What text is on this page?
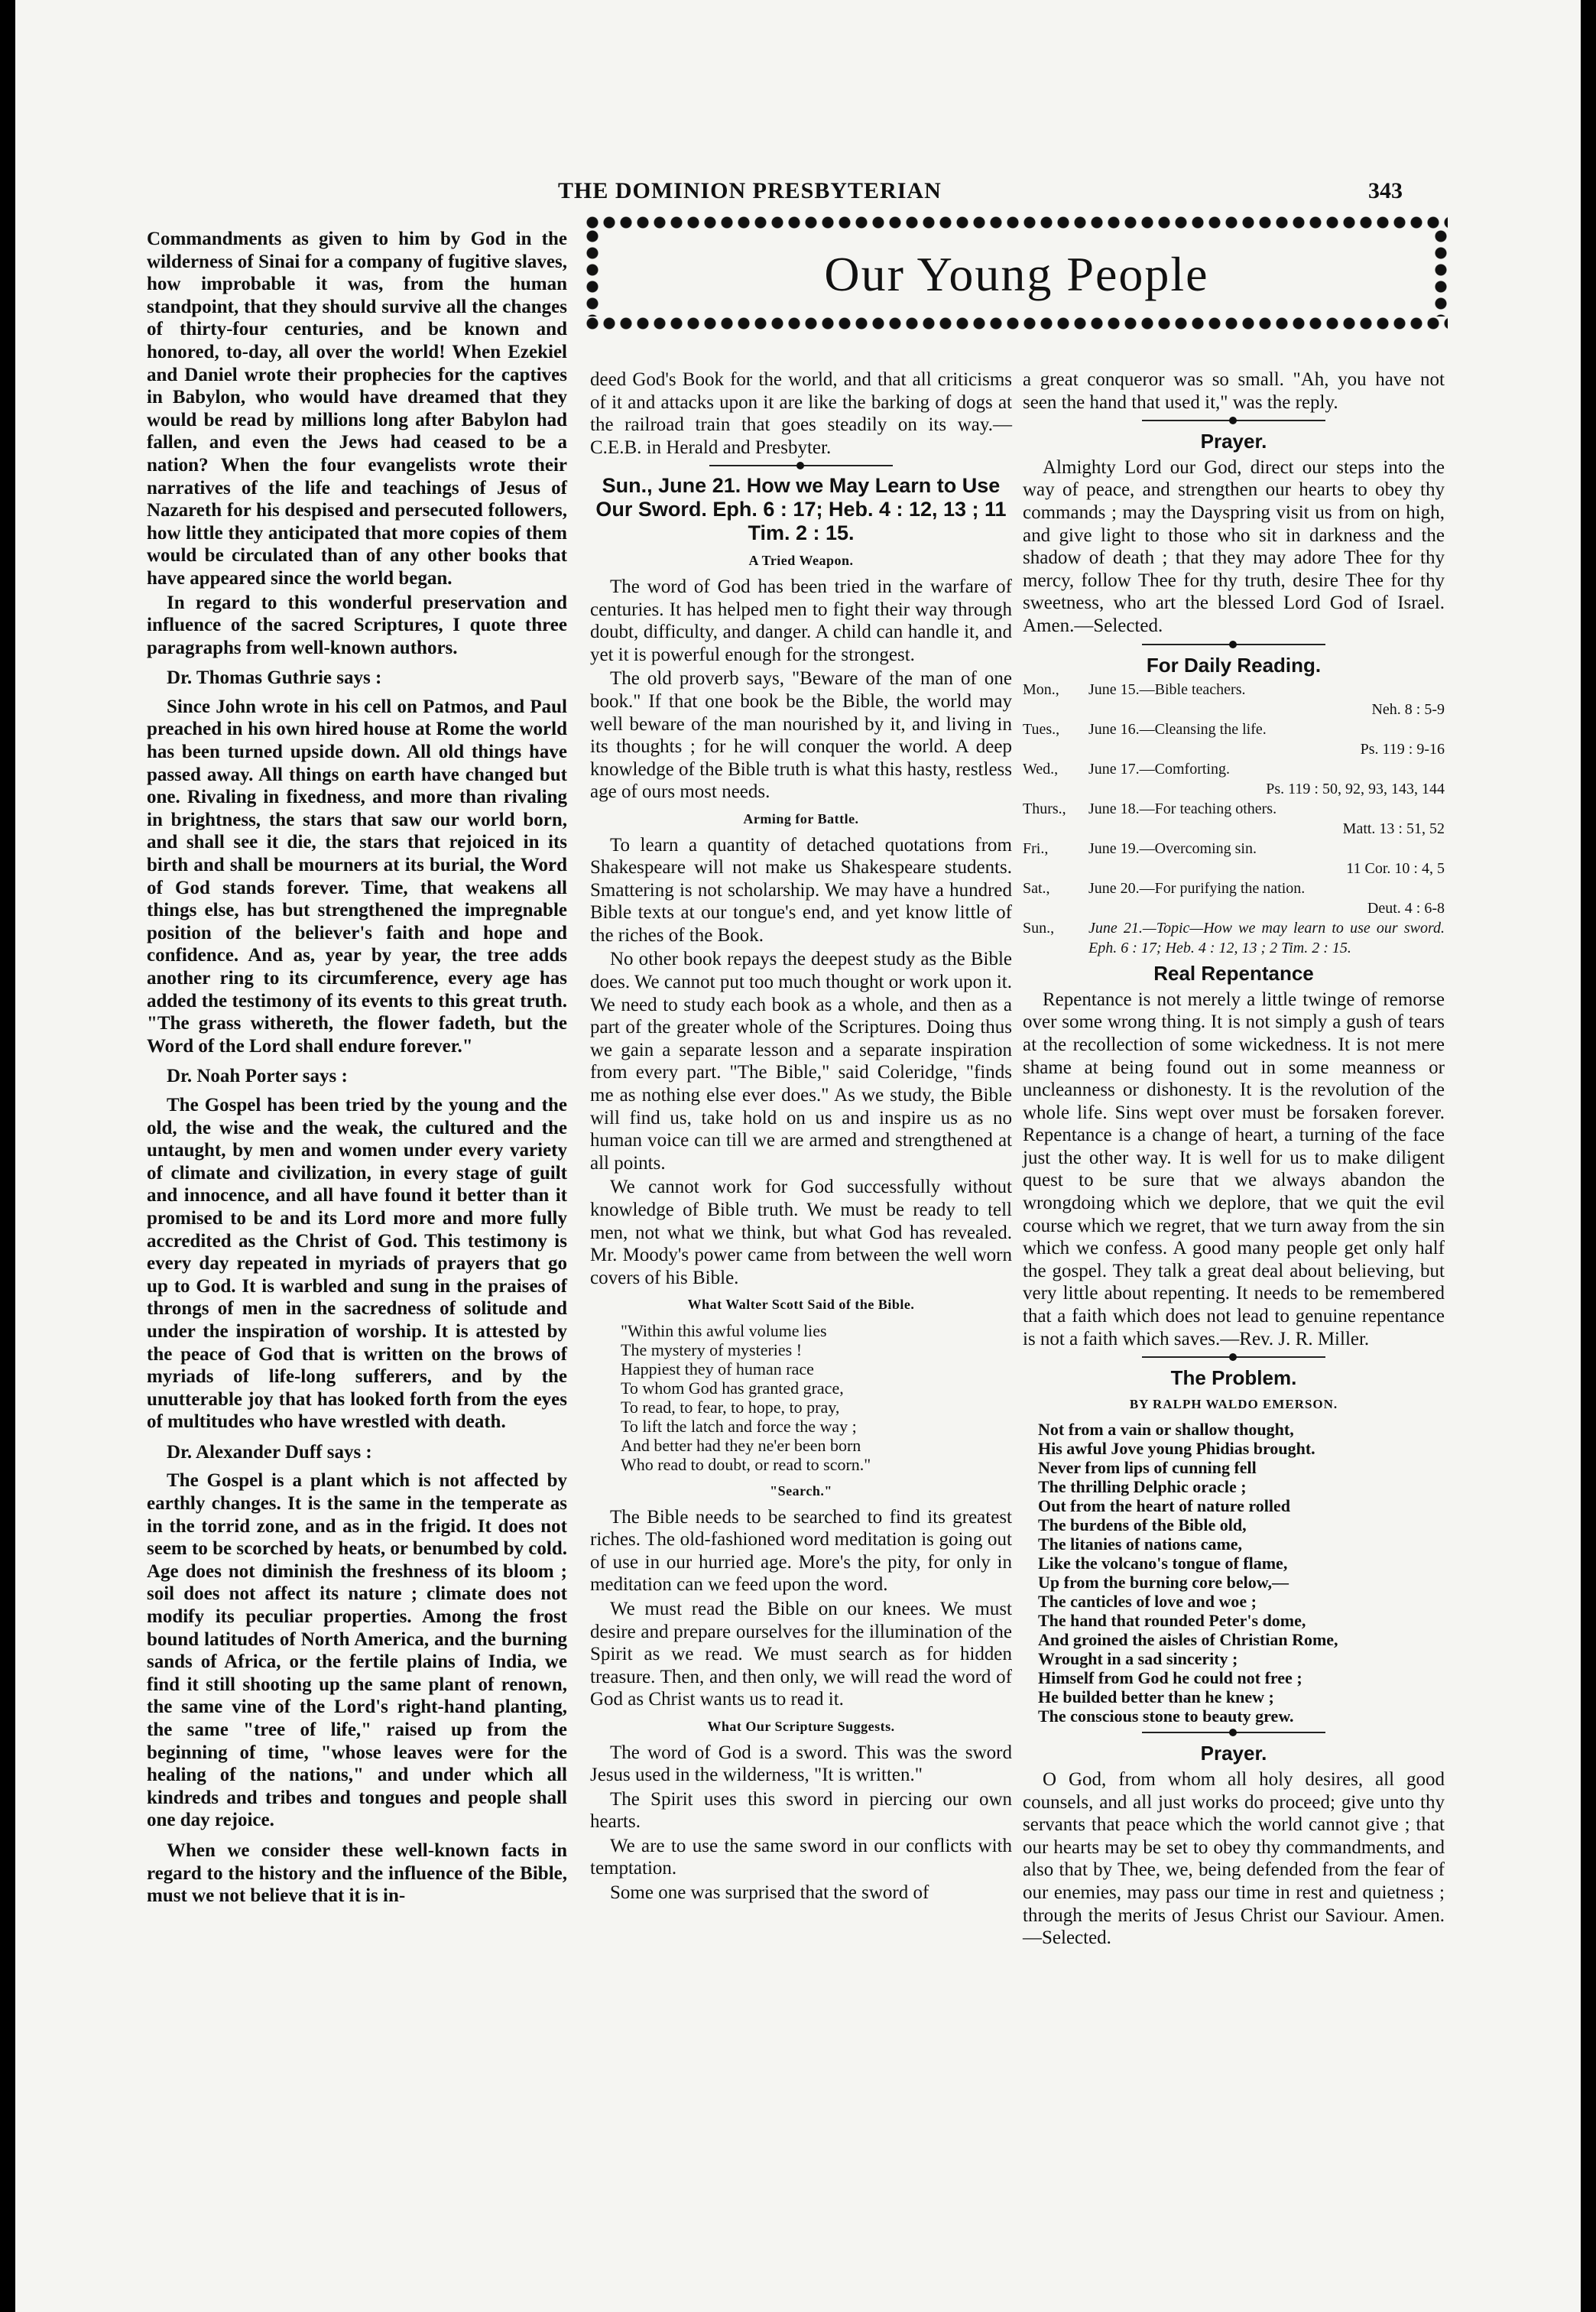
THE DOMINION PRESBYTERIAN	343
Our Young People

Commandments as given to him by God in the wilderness of Sinai for a company of fugitive slaves, how improbable it was, from the human standpoint, that they should survive all the changes of thirty-four centuries, and be known and honored, to-day, all over the world! When Ezekiel and Daniel wrote their prophecies for the captives in Babylon, who would have dreamed that they would be read by millions long after Babylon had fallen, and even the Jews had ceased to be a nation? When the four evangelists wrote their narratives of the life and teachings of Jesus of Nazareth for his despised and persecuted followers, how little they anticipated that more copies of them would be circulated than of any other books that have appeared since the world began.

In regard to this wonderful preservation and influence of the sacred Scriptures, I quote three paragraphs from well-known authors.

Dr. Thomas Guthrie says :

Since John wrote in his cell on Patmos, and Paul preached in his own hired house at Rome the world has been turned upside down. All old things have passed away. All things on earth have changed but one. Rivaling in fixedness, and more than rivaling in brightness, the stars that saw our world born, and shall see it die, the stars that rejoiced in its birth and shall be mourners at its burial, the Word of God stands forever. Time, that weakens all things else, has but strengthened the impregnable position of the believer's faith and hope and confidence. And as, year by year, the tree adds another ring to its circumference, every age has added the testimony of its events to this great truth. "The grass withereth, the flower fadeth, but the Word of the Lord shall endure forever."

Dr. Noah Porter says :

The Gospel has been tried by the young and the old, the wise and the weak, the cultured and the untaught, by men and women under every variety of climate and civilization, in every stage of guilt and innocence, and all have found it better than it promised to be and its Lord more and more fully accredited as the Christ of God. This testimony is every day repeated in myriads of prayers that go up to God. It is warbled and sung in the praises of throngs of men in the sacredness of solitude and under the inspiration of worship. It is attested by the peace of God that is written on the brows of myriads of life-long sufferers, and by the unutterable joy that has looked forth from the eyes of multitudes who have wrestled with death.

Dr. Alexander Duff says :

The Gospel is a plant which is not affected by earthly changes. It is the same in the temperate as in the torrid zone, and as in the frigid. It does not seem to be scorched by heats, or benumbed by cold. Age does not diminish the freshness of its bloom ; soil does not affect its nature ; climate does not modify its peculiar properties. Among the frost bound latitudes of North America, and the burning sands of Africa, or the fertile plains of India, we find it still shooting up the same plant of renown, the same vine of the Lord's right-hand planting, the same "tree of life," raised up from the beginning of time, "whose leaves were for the healing of the nations," and under which all kindreds and tribes and tongues and people shall one day rejoice.

When we consider these well-known facts in regard to the history and the influence of the Bible, must we not believe that it is in-

deed God's Book for the world, and that all criticisms of it and attacks upon it are like the barking of dogs at the railroad train that goes steadily on its way.—C.E.B. in Herald and Presbyter.

Sun., June 21. How we May Learn to Use Our Sword. Eph. 6 : 17; Heb. 4 : 12, 13 ; 11 Tim. 2 : 15.
A Tried Weapon.

The word of God has been tried in the warfare of centuries. It has helped men to fight their way through doubt, difficulty, and danger. A child can handle it, and yet it is powerful enough for the strongest.

The old proverb says, "Beware of the man of one book." If that one book be the Bible, the world may well beware of the man nourished by it, and living in its thoughts ; for he will conquer the world. A deep knowledge of the Bible truth is what this hasty, restless age of ours most needs.

Arming for Battle.

To learn a quantity of detached quotations from Shakespeare will not make us Shakespeare students. Smattering is not scholarship. We may have a hundred Bible texts at our tongue's end, and yet know little of the riches of the Book.

No other book repays the deepest study as the Bible does. We cannot put too much thought or work upon it. We need to study each book as a whole, and then as a part of the greater whole of the Scriptures. Doing thus we gain a separate lesson and a separate inspiration from every part. "The Bible," said Coleridge, "finds me as nothing else ever does." As we study, the Bible will find us, take hold on us and inspire us as no human voice can till we are armed and strengthened at all points.

We cannot work for God successfully without knowledge of Bible truth. We must be ready to tell men, not what we think, but what God has revealed. Mr. Moody's power came from between the well worn covers of his Bible.

What Walter Scott Said of the Bible.
"Within this awful volume lies
The mystery of mysteries !
Happiest they of human race
To whom God has granted grace,
To read, to fear, to hope, to pray,
To lift the latch and force the way ;
And better had they ne'er been born
Who read to doubt, or read to scorn."
"Search."

The Bible needs to be searched to find its greatest riches. The old-fashioned word meditation is going out of use in our hurried age. More's the pity, for only in meditation can we feed upon the word.

We must read the Bible on our knees. We must desire and prepare ourselves for the illumination of the Spirit as we read. We must search as for hidden treasure. Then, and then only, we will read the word of God as Christ wants us to read it.

What Our Scripture Suggests.

The word of God is a sword. This was the sword Jesus used in the wilderness, "It is written."

The Spirit uses this sword in piercing our own hearts.

We are to use the same sword in our conflicts with temptation.

Some one was surprised that the sword of

a great conqueror was so small. "Ah, you have not seen the hand that used it," was the reply.

Prayer.

Almighty Lord our God, direct our steps into the way of peace, and strengthen our hearts to obey thy commands ; may the Dayspring visit us from on high, and give light to those who sit in darkness and the shadow of death ; that they may adore Thee for thy mercy, follow Thee for thy truth, desire Thee for thy sweetness, who art the blessed Lord God of Israel. Amen.—Selected.

For Daily Reading.
Mon.,	June 15.—Bible teachers.
Neh. 8 : 5-9
Tues.,	June 16.—Cleansing the life.
Ps. 119 : 9-16
Wed.,	June 17.—Comforting.
Ps. 119 : 50, 92, 93, 143, 144
Thurs.,	June 18.—For teaching others.
Matt. 13 : 51, 52
Fri.,	June 19.—Overcoming sin.
11 Cor. 10 : 4, 5
Sat.,	June 20.—For purifying the nation.
Deut. 4 : 6-8
Sun.,	June 21.—Topic—How we may learn to use our sword. Eph. 6 : 17; Heb. 4 : 12, 13 ; 2 Tim. 2 : 15.
Real Repentance

Repentance is not merely a little twinge of remorse over some wrong thing. It is not simply a gush of tears at the recollection of some wickedness. It is not mere shame at being found out in some meanness or uncleanness or dishonesty. It is the revolution of the whole life. Sins wept over must be forsaken forever. Repentance is a change of heart, a turning of the face just the other way. It is well for us to make diligent quest to be sure that we always abandon the wrongdoing which we deplore, that we quit the evil course which we regret, that we turn away from the sin which we confess. A good many people get only half the gospel. They talk a great deal about believing, but very little about repenting. It needs to be remembered that a faith which does not lead to genuine repentance is not a faith which saves.—Rev. J. R. Miller.

The Problem.
BY RALPH WALDO EMERSON.
Not from a vain or shallow thought,
His awful Jove young Phidias brought.
Never from lips of cunning fell
The thrilling Delphic oracle ;
Out from the heart of nature rolled
The burdens of the Bible old,
The litanies of nations came,
Like the volcano's tongue of flame,
Up from the burning core below,—
The canticles of love and woe ;
The hand that rounded Peter's dome,
And groined the aisles of Christian Rome,
Wrought in a sad sincerity ;
Himself from God he could not free ;
He builded better than he knew ;
The conscious stone to beauty grew.
Prayer.

O God, from whom all holy desires, all good counsels, and all just works do proceed; give unto thy servants that peace which the world cannot give ; that our hearts may be set to obey thy commandments, and also that by Thee, we, being defended from the fear of our enemies, may pass our time in rest and quietness ; through the merits of Jesus Christ our Saviour. Amen.—Selected.
